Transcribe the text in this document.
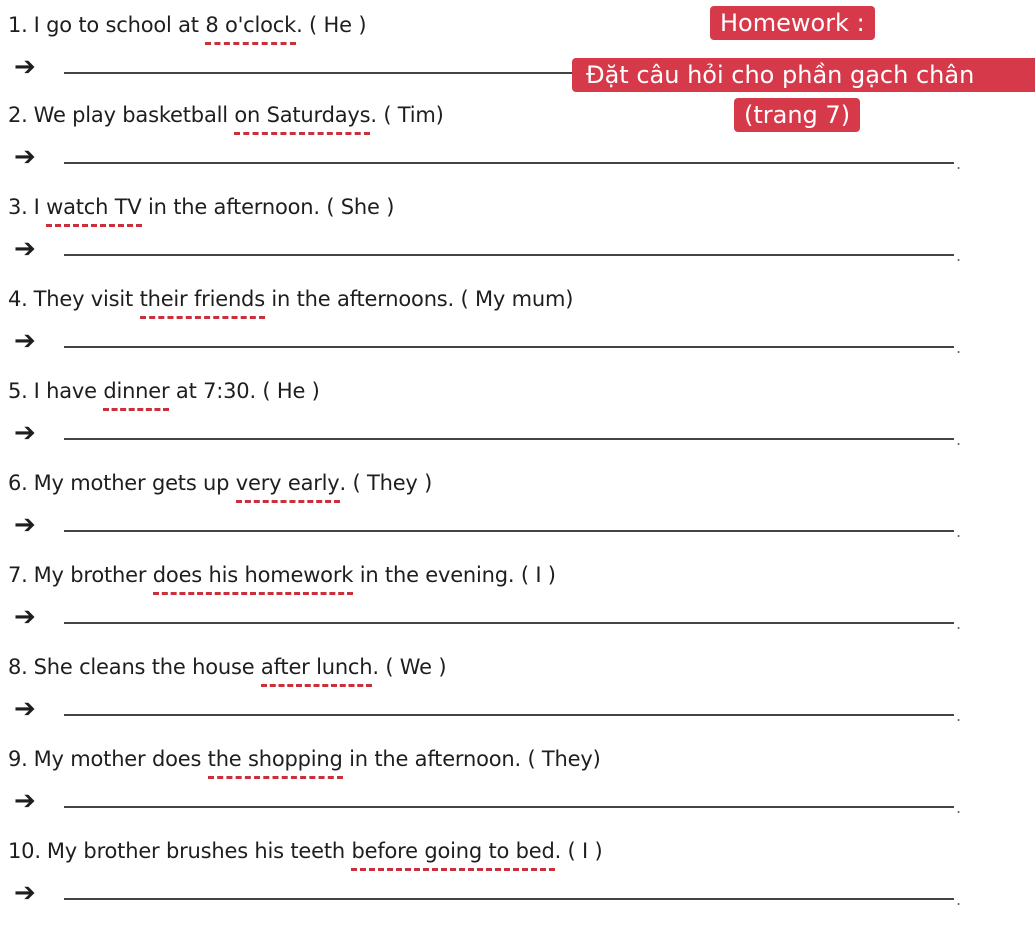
1. I go to school at 8 o'clock. ( He )
➔
2. We play basketball on Saturdays. ( Tim)
➔	.
3. I watch TV in the afternoon. ( She )
➔	.
4. They visit their friends in the afternoons. ( My mum)
➔	.
5. I have dinner at 7:30. ( He )
➔	.
6. My mother gets up very early. ( They )
➔	.
7. My brother does his homework in the evening. ( I )
➔	.
8. She cleans the house after lunch. ( We )
➔	.
9. My mother does the shopping in the afternoon. ( They)
➔	.
10. My brother brushes his teeth before going to bed. ( I )
➔	.
Homework :
Đặt câu hỏi cho phần gạch chân
(trang 7)
